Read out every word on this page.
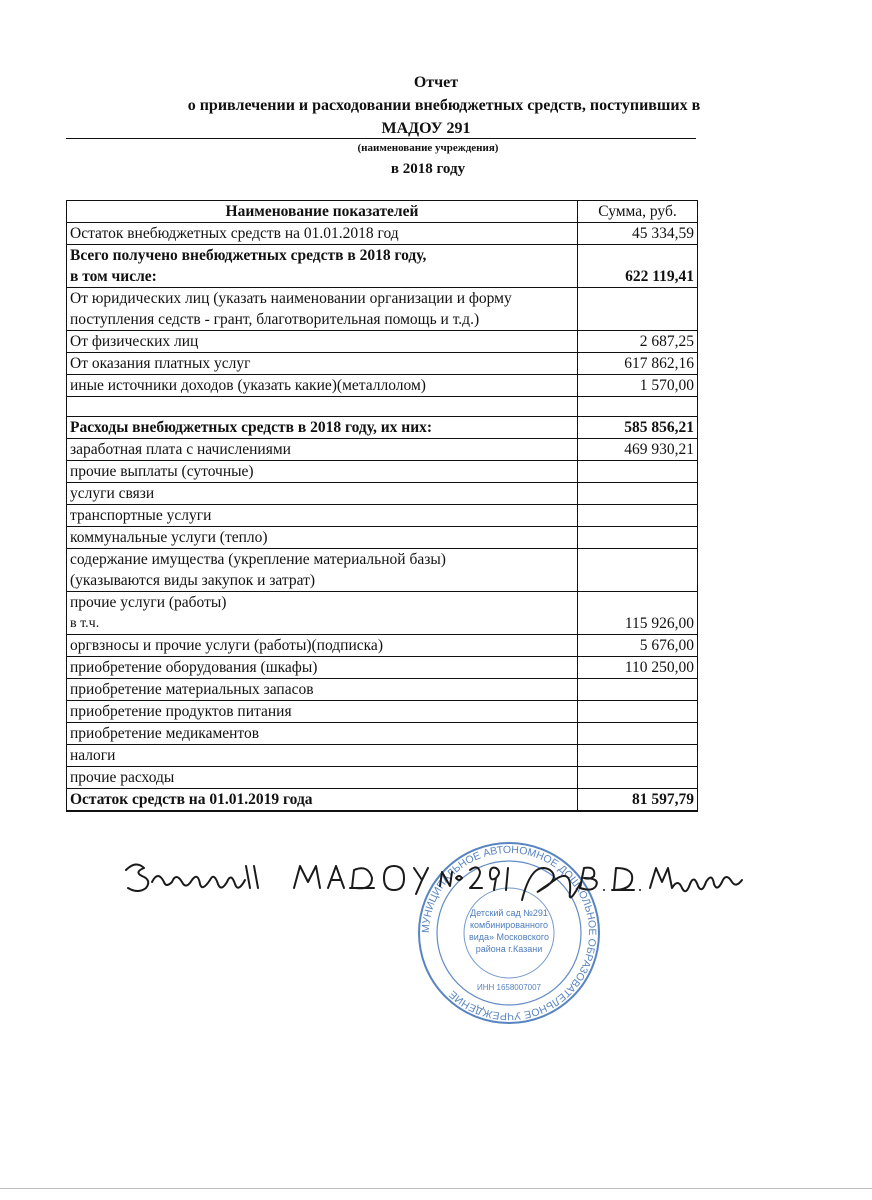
Отчет
о привлечении и расходовании внебюджетных средств, поступивших в
МАДОУ 291
(наименование учреждения)
в 2018 году
Наименование показателей	Сумма, руб.
Остаток внебюджетных средств на 01.01.2018 год	45 334,59

Всего получено внебюджетных средств в 2018 году,
в том числе:	622 119,41
От юридических лиц (указать наименовании организации и форму поступления седств - грант, благотворительная помощь и т.д.)	
От физических лиц	2 687,25
От оказания платных услуг	617 862,16
иные источники доходов (указать какие)(металлолом)	1 570,00

Расходы внебюджетных средств в 2018 году, их них:	585 856,21
заработная плата с начислениями	469 930,21
прочие выплаты (суточные)	
услуги связи	
транспортные услуги	
коммунальные услуги (тепло)	

содержание имущества (укрепление материальной базы)
(указываются виды закупок и затрат)	

прочие услуги (работы)
в т.ч.	115 926,00
оргвзносы и прочие услуги (работы)(подписка)	5 676,00
приобретение оборудования (шкафы)	110 250,00
приобретение материальных запасов	
приобретение продуктов питания	
приобретение медикаментов	
налоги	
прочие расходы	
Остаток средств на 01.01.2019 года	81 597,79
МУНИЦИПАЛЬНОЕ АВТОНОМНОЕ ДОШКОЛЬНОЕ ОБРАЗОВАТЕЛЬНОЕ УЧРЕЖДЕНИЕ
Детский сад №291
комбинированного
вида» Московского
района г.Казани
ИНН 1658007007
